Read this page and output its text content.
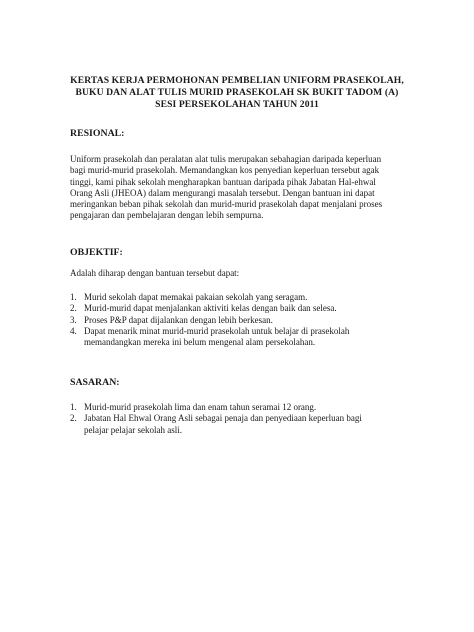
KERTAS KERJA PERMOHONAN PEMBELIAN UNIFORM PRASEKOLAH,
BUKU DAN ALAT TULIS MURID PRASEKOLAH SK BUKIT TADOM (A)
SESI PERSEKOLAHAN TAHUN 2011
RESIONAL:
Uniform prasekolah dan peralatan alat tulis merupakan sebahagian daripada keperluan
bagi murid-murid prasekolah. Memandangkan kos penyedian keperluan tersebut agak
tinggi, kami pihak sekolah mengharapkan bantuan daripada pihak Jabatan Hal-ehwal
Orang Asli (JHEOA) dalam mengurangi masalah tersebut. Dengan bantuan ini dapat
meringankan beban pihak sekolah dan murid-murid prasekolah dapat menjalani proses
pengajaran dan pembelajaran dengan lebih sempurna.
OBJEKTIF:
Adalah diharap dengan bantuan tersebut dapat:
1. Murid sekolah dapat memakai pakaian sekolah yang seragam.
2. Murid-murid dapat menjalankan aktiviti kelas dengan baik dan selesa.
3. Proses P&P dapat dijalankan dengan lebih berkesan.
4. Dapat menarik minat murid-murid prasekolah untuk belajar di prasekolah
memandangkan mereka ini belum mengenal alam persekolahan.
SASARAN:
1. Murid-murid prasekolah lima dan enam tahun seramai 12 orang.
2. Jabatan Hal Ehwal Orang Asli sebagai penaja dan penyediaan keperluan bagi
pelajar pelajar sekolah asli.
